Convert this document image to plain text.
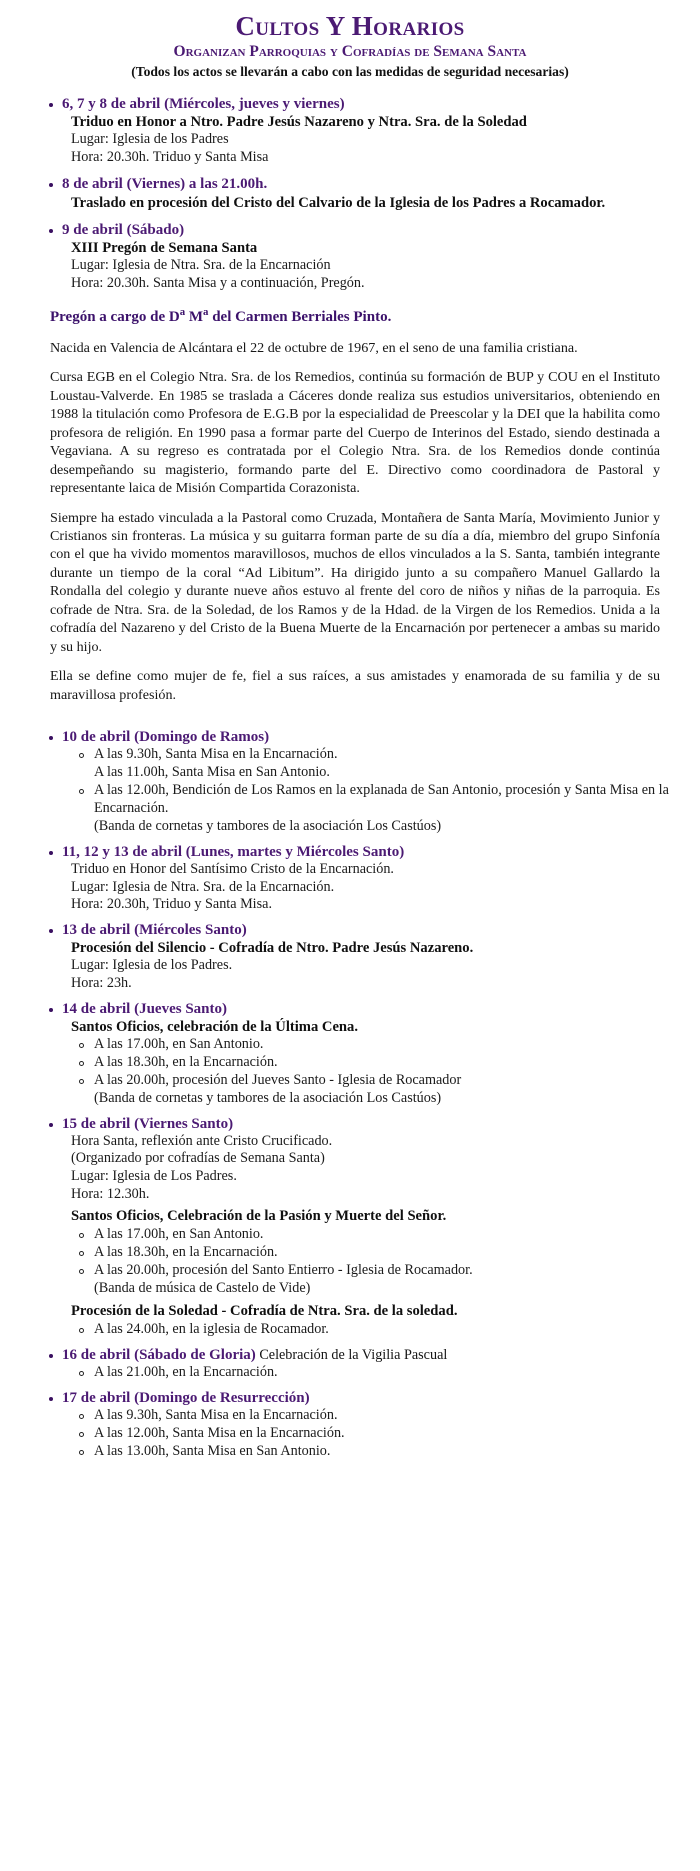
Cultos Y Horarios
Organizan Parroquias y Cofradías de Semana Santa
(Todos los actos se llevarán a cabo con las medidas de seguridad necesarias)
6, 7 y 8 de abril (Miércoles, jueves y viernes)
Triduo en Honor a Ntro. Padre Jesús Nazareno y Ntra. Sra. de la Soledad
Lugar: Iglesia de los Padres
Hora: 20.30h. Triduo y Santa Misa
8 de abril (Viernes) a las 21.00h.
Traslado en procesión del Cristo del Calvario de la Iglesia de los Padres a Rocamador.
9 de abril (Sábado)
XIII Pregón de Semana Santa
Lugar: Iglesia de Ntra. Sra. de la Encarnación
Hora: 20.30h. Santa Misa y a continuación, Pregón.
Pregón a cargo de $D^a$ $M^a$ del Carmen Berriales Pinto.

Nacida en Valencia de Alcántara el 22 de octubre de 1967, en el seno de una familia cristiana.

Cursa EGB en el Colegio Ntra. Sra. de los Remedios, continúa su formación de BUP y COU en el Instituto Loustau-Valverde. En 1985 se traslada a Cáceres donde realiza sus estudios universitarios, obteniendo en 1988 la titulación como Profesora de E.G.B por la especialidad de Preescolar y la DEI que la habilita como profesora de religión. En 1990 pasa a formar parte del Cuerpo de Interinos del Estado, siendo destinada a Vegaviana. A su regreso es contratada por el Colegio Ntra. Sra. de los Remedios donde continúa desempeñando su magisterio, formando parte del E. Directivo como coordinadora de Pastoral y representante laica de Misión Compartida Corazonista.

Siempre ha estado vinculada a la Pastoral como Cruzada, Montañera de Santa María, Movimiento Junior y Cristianos sin fronteras. La música y su guitarra forman parte de su día a día, miembro del grupo Sinfonía con el que ha vivido momentos maravillosos, muchos de ellos vinculados a la S. Santa, también integrante durante un tiempo de la coral “Ad Libitum”. Ha dirigido junto a su compañero Manuel Gallardo la Rondalla del colegio y durante nueve años estuvo al frente del coro de niños y niñas de la parroquia. Es cofrade de Ntra. Sra. de la Soledad, de los Ramos y de la Hdad. de la Virgen de los Remedios. Unida a la cofradía del Nazareno y del Cristo de la Buena Muerte de la Encarnación por pertenecer a ambas su marido y su hijo.

Ella se define como mujer de fe, fiel a sus raíces, a sus amistades y enamorada de su familia y de su maravillosa profesión.

10 de abril (Domingo de Ramos)
A las 9.30h, Santa Misa en la Encarnación.
A las 11.00h, Santa Misa en San Antonio.
A las 12.00h, Bendición de Los Ramos en la explanada de San Antonio, procesión y Santa Misa en la Encarnación.
(Banda de cornetas y tambores de la asociación Los Castúos)
11, 12 y 13 de abril (Lunes, martes y Miércoles Santo)
Triduo en Honor del Santísimo Cristo de la Encarnación.
Lugar: Iglesia de Ntra. Sra. de la Encarnación.
Hora: 20.30h, Triduo y Santa Misa.
13 de abril (Miércoles Santo)
Procesión del Silencio - Cofradía de Ntro. Padre Jesús Nazareno.
Lugar: Iglesia de los Padres.
Hora: 23h.
14 de abril (Jueves Santo)
Santos Oficios, celebración de la Última Cena.
A las 17.00h, en San Antonio.
A las 18.30h, en la Encarnación.
A las 20.00h, procesión del Jueves Santo - Iglesia de Rocamador
(Banda de cornetas y tambores de la asociación Los Castúos)
15 de abril (Viernes Santo)
Hora Santa, reflexión ante Cristo Crucificado.
(Organizado por cofradías de Semana Santa)
Lugar: Iglesia de Los Padres.
Hora: 12.30h.
Santos Oficios, Celebración de la Pasión y Muerte del Señor.
A las 17.00h, en San Antonio.
A las 18.30h, en la Encarnación.
A las 20.00h, procesión del Santo Entierro - Iglesia de Rocamador.
(Banda de música de Castelo de Vide)
Procesión de la Soledad - Cofradía de Ntra. Sra. de la soledad.
A las 24.00h, en la iglesia de Rocamador.
16 de abril (Sábado de Gloria) Celebración de la Vigilia Pascual
A las 21.00h, en la Encarnación.
17 de abril (Domingo de Resurrección)
A las 9.30h, Santa Misa en la Encarnación.
A las 12.00h, Santa Misa en la Encarnación.
A las 13.00h, Santa Misa en San Antonio.
